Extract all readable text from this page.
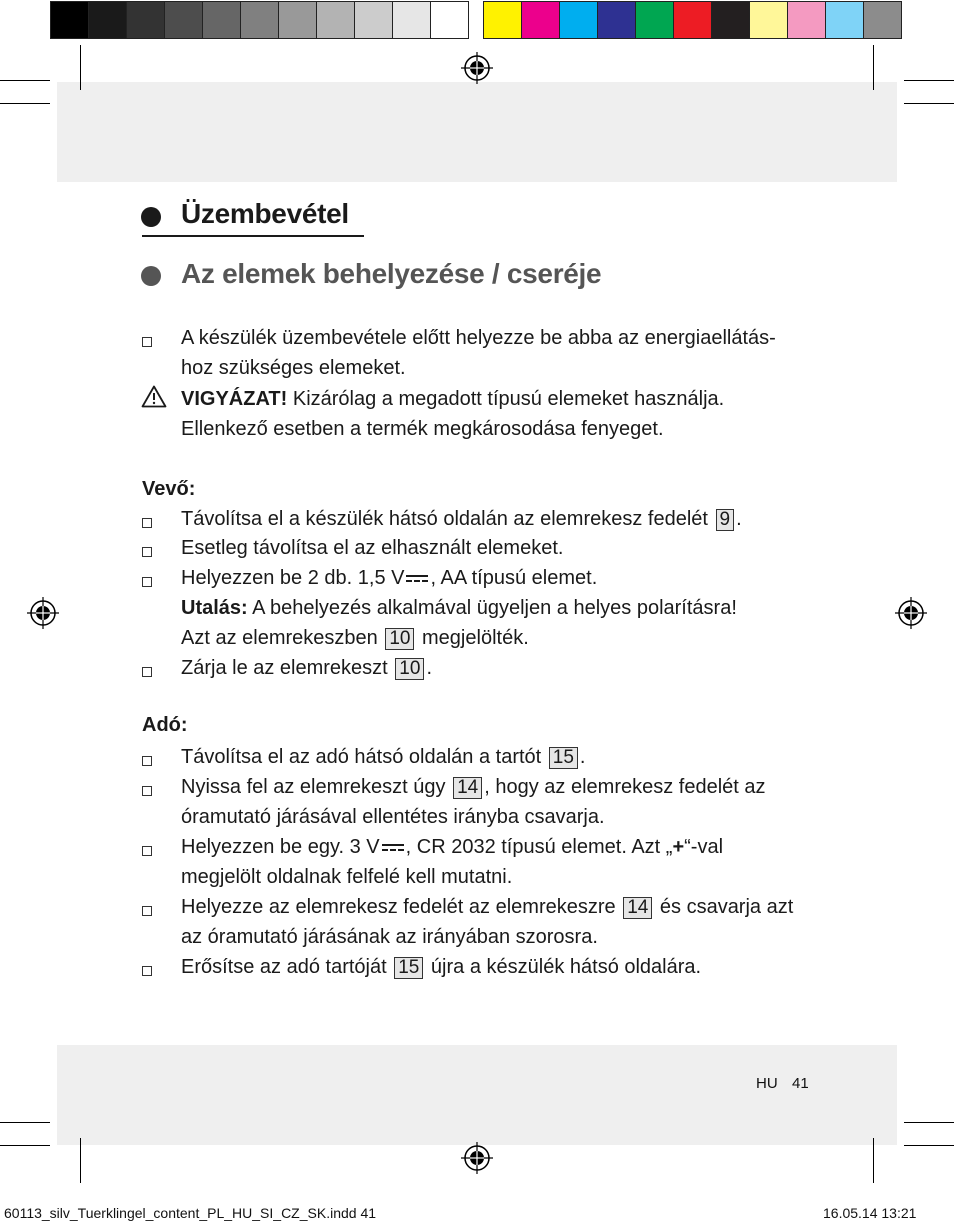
Üzembevétel
Az elemek behelyezése / cseréje
A készülék üzembevétele előtt helyezze be abba az energiaellátás-
hoz szükséges elemeket.
VIGYÁZAT! Kizárólag a megadott típusú elemeket használja.
Ellenkező esetben a termék megkárosodása fenyeget.
Vevő:
Távolítsa el a készülék hátsó oldalán az elemrekesz fedelét 9 .
Esetleg távolítsa el az elhasznált elemeket.
Helyezzen be 2 db. 1,5 V , AA típusú elemet.
Utalás: A behelyezés alkalmával ügyeljen a helyes polarításra!
Azt az elemrekeszben 10 megjelölték.
Zárja le az elemrekeszt 10 .
Adó:
Távolítsa el az adó hátsó oldalán a tartót 15 .
Nyissa fel az elemrekeszt úgy 14 , hogy az elemrekesz fedelét az
óramutató járásával ellentétes irányba csavarja.
Helyezzen be egy. 3 V , CR 2032 típusú elemet. Azt „+“-val
megjelölt oldalnak felfelé kell mutatni.
Helyezze az elemrekesz fedelét az elemrekeszre 14 és csavarja azt
az óramutató járásának az irányában szorosra.
Erősítse az adó tartóját 15 újra a készülék hátsó oldalára.
HU 41
60113_silv_Tuerklingel_content_PL_HU_SI_CZ_SK.indd 41	16.05.14 13:21
